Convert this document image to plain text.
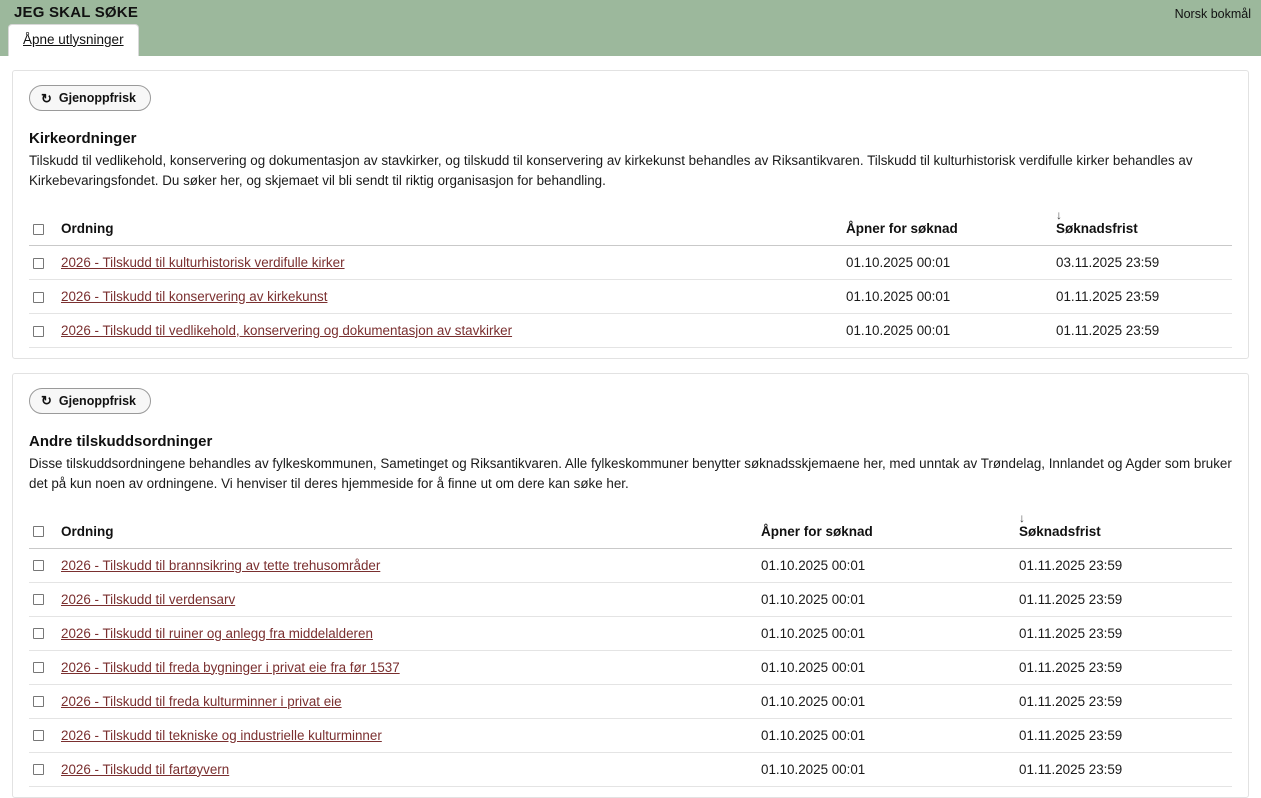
JEG SKAL SØKE	Norsk bokmål
Åpne utlysninger
↻ Gjenoppfrisk
Kirkeordninger

Tilskudd til vedlikehold, konservering og dokumentasjon av stavkirker, og tilskudd til konservering av kirkekunst behandles av Riksantikvaren. Tilskudd til kulturhistorisk verdifulle kirker behandles av Kirkebevaringsfondet. Du søker her, og skjemaet vil bli sendt til riktig organisasjon for behandling.

	Ordning	Åpner for søknad	↓
Søknadsfrist
	2026 - Tilskudd til kulturhistorisk verdifulle kirker	01.10.2025 00:01	03.11.2025 23:59
	2026 - Tilskudd til konservering av kirkekunst	01.10.2025 00:01	01.11.2025 23:59
	2026 - Tilskudd til vedlikehold, konservering og dokumentasjon av stavkirker	01.10.2025 00:01	01.11.2025 23:59
↻ Gjenoppfrisk
Andre tilskuddsordninger

Disse tilskuddsordningene behandles av fylkeskommunen, Sametinget og Riksantikvaren. Alle fylkeskommuner benytter søknadsskjemaene her, med unntak av Trøndelag, Innlandet og Agder som bruker det på kun noen av ordningene. Vi henviser til deres hjemmeside for å finne ut om dere kan søke her.

	Ordning	Åpner for søknad	↓
Søknadsfrist
	2026 - Tilskudd til brannsikring av tette trehusområder	01.10.2025 00:01	01.11.2025 23:59
	2026 - Tilskudd til verdensarv	01.10.2025 00:01	01.11.2025 23:59
	2026 - Tilskudd til ruiner og anlegg fra middelalderen	01.10.2025 00:01	01.11.2025 23:59
	2026 - Tilskudd til freda bygninger i privat eie fra før 1537	01.10.2025 00:01	01.11.2025 23:59
	2026 - Tilskudd til freda kulturminner i privat eie	01.10.2025 00:01	01.11.2025 23:59
	2026 - Tilskudd til tekniske og industrielle kulturminner	01.10.2025 00:01	01.11.2025 23:59
	2026 - Tilskudd til fartøyvern	01.10.2025 00:01	01.11.2025 23:59
